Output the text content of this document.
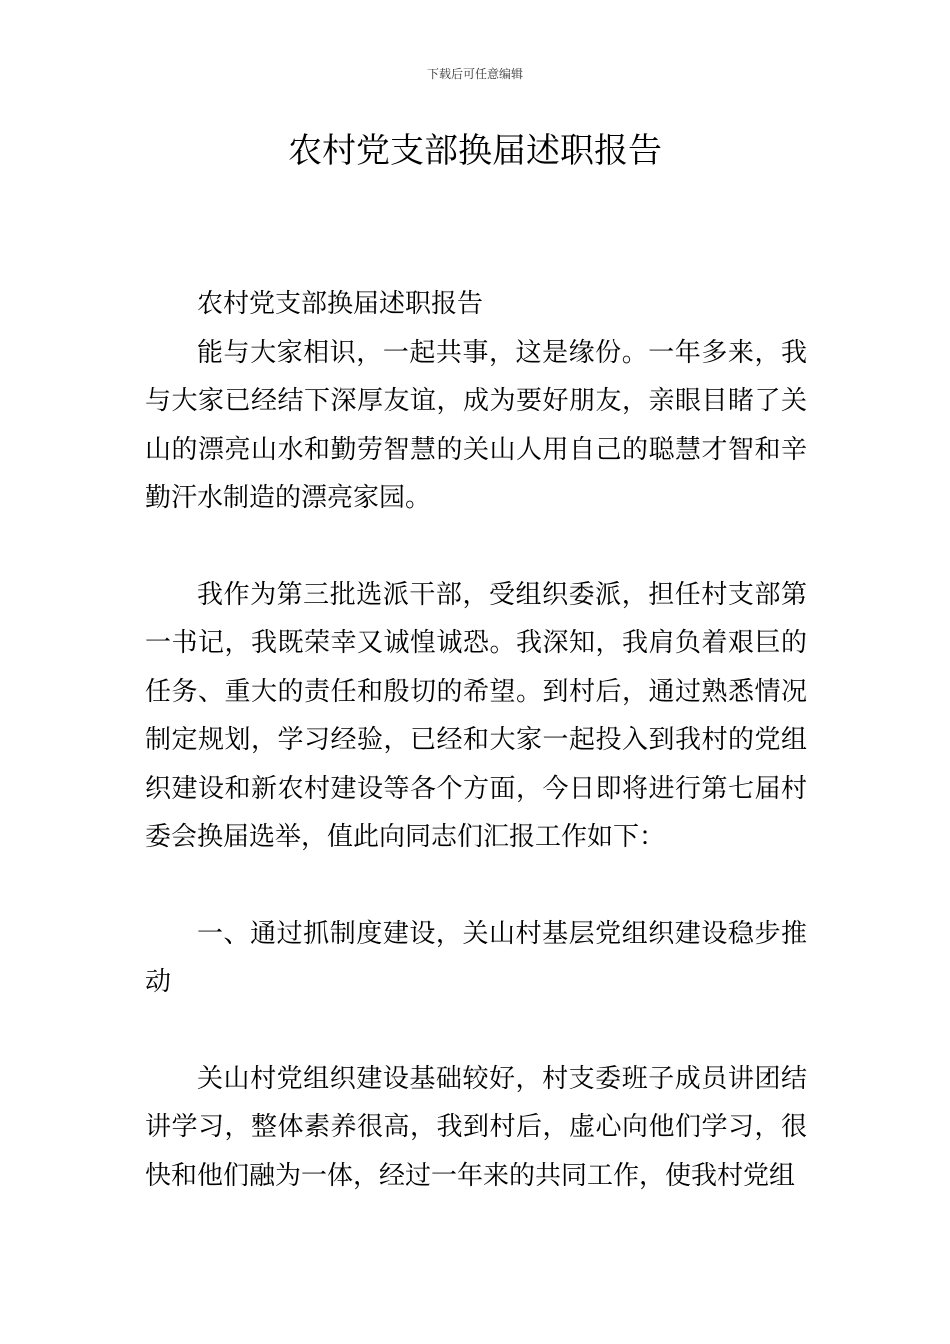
下载后可任意编辑
农村党支部换届述职报告

农村党支部换届述职报告

能与大家相识，一起共事，这是缘份。一年多来，我与大家已经结下深厚友谊，成为要好朋友，亲眼目睹了关山的漂亮山水和勤劳智慧的关山人用自己的聪慧才智和辛勤汗水制造的漂亮家园。

我作为第三批选派干部，受组织委派，担任村支部第一书记，我既荣幸又诚惶诚恐。我深知，我肩负着艰巨的任务、重大的责任和殷切的希望。到村后，通过熟悉情况制定规划，学习经验，已经和大家一起投入到我村的党组织建设和新农村建设等各个方面，今日即将进行第七届村委会换届选举，值此向同志们汇报工作如下：

一、通过抓制度建设，关山村基层党组织建设稳步推动

关山村党组织建设基础较好，村支委班子成员讲团结讲学习，整体素养很高，我到村后，虚心向他们学习，很快和他们融为一体，经过一年来的共同工作，使我村党组
